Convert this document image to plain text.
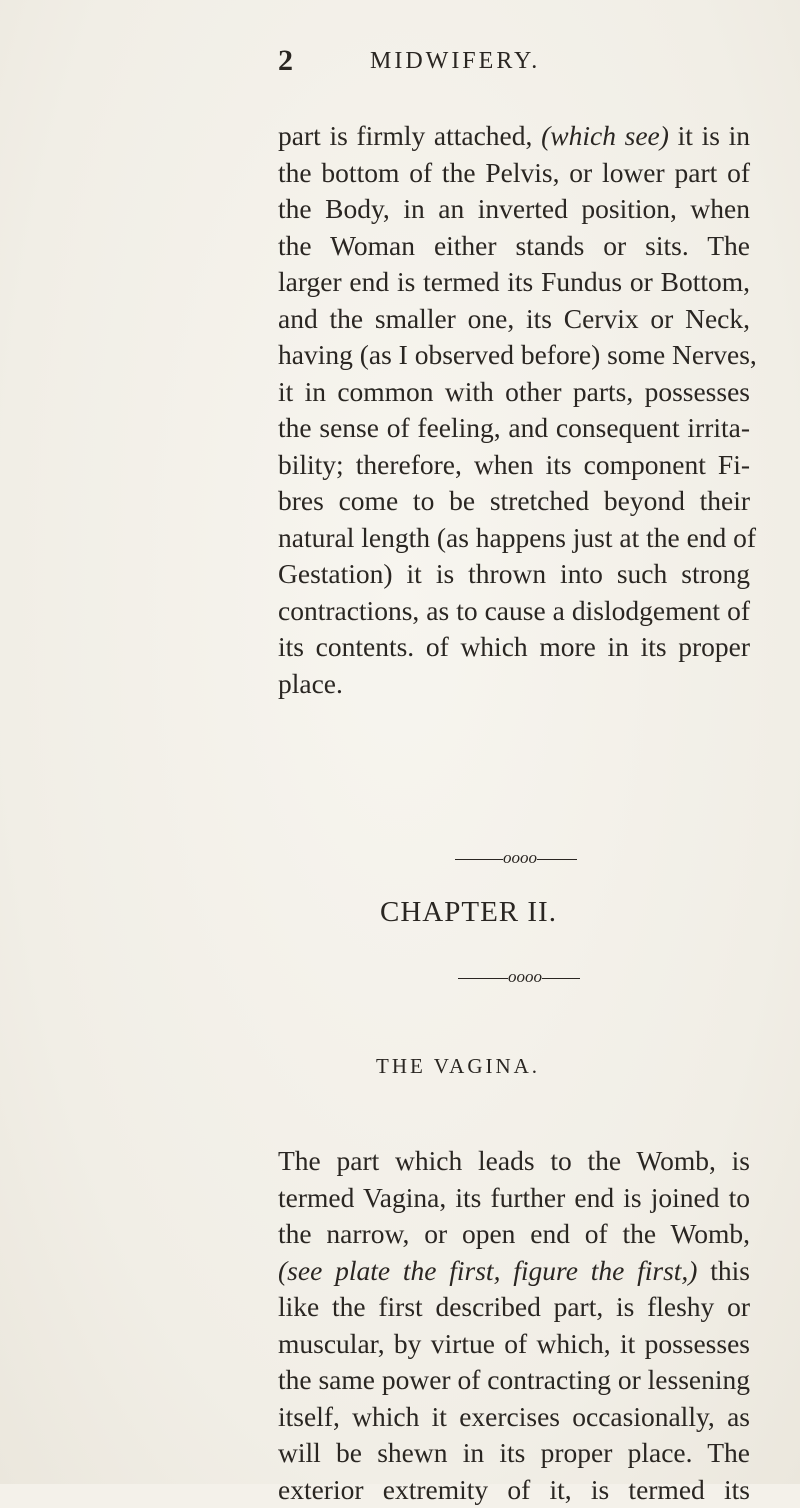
2	MIDWIFERY.
part is firmly attached, (which see) it is in
the bottom of the Pelvis, or lower part of
the Body, in an inverted position, when
the Woman either stands or sits. The
larger end is termed its Fundus or Bottom,
and the smaller one, its Cervix or Neck,
having (as I observed before) some Nerves,
it in common with other parts, possesses
the sense of feeling, and consequent irrita-
bility; therefore, when its component Fi-
bres come to be stretched beyond their
natural length (as happens just at the end of
Gestation) it is thrown into such strong
contractions, as to cause a dislodgement of
its contents. of which more in its proper
place.
oooo
CHAPTER II.
oooo
THE VAGINA.
The part which leads to the Womb, is
termed Vagina, its further end is joined to
the narrow, or open end of the Womb,
(see plate the first, figure the first,) this
like the first described part, is fleshy or
muscular, by virtue of which, it possesses
the same power of contracting or lessening
itself, which it exercises occasionally, as
will be shewn in its proper place. The
exterior extremity of it, is termed its
